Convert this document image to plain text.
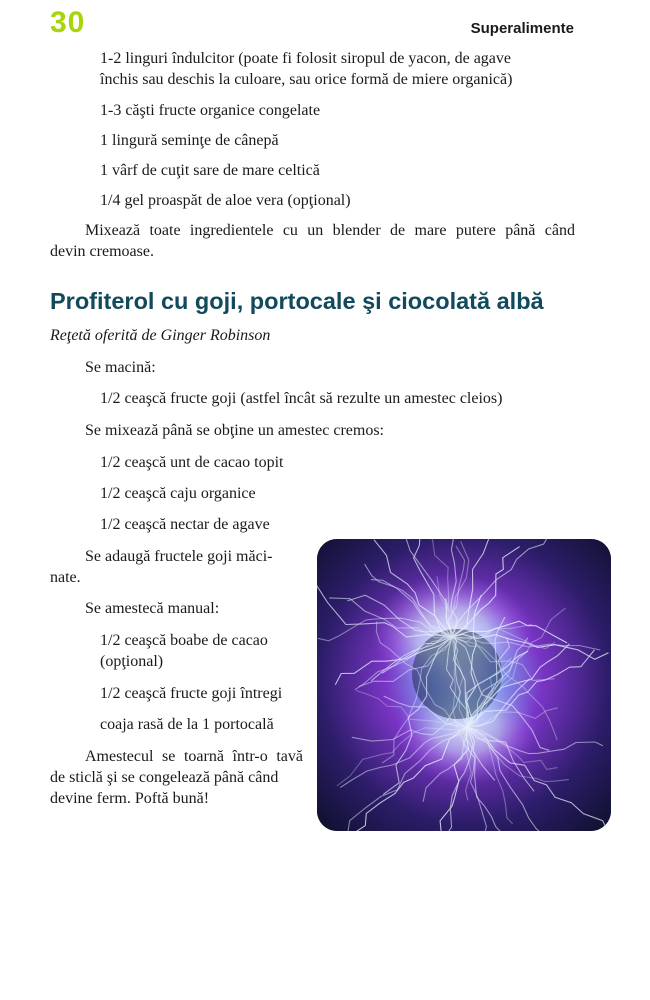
30	Superalimente
1-2 linguri îndulcitor (poate fi folosit siropul de yacon, de agave
închis sau deschis la culoare, sau orice formă de miere organică)
1-3 căşti fructe organice congelate
1 lingură seminţe de cânepă
1 vârf de cuţit sare de mare celtică
1/4 gel proaspăt de aloe vera (opţional)
Mixează toate ingredientele cu un blender de mare putere până când
devin cremoase.
Profiterol cu goji, portocale şi ciocolată albă
Reţetă oferită de Ginger Robinson
Se macină:
1/2 ceaşcă fructe goji (astfel încât să rezulte un amestec cleios)
Se mixează până se obţine un amestec cremos:
1/2 ceaşcă unt de cacao topit
1/2 ceaşcă caju organice
1/2 ceaşcă nectar de agave
Se adaugă fructele goji măci-
nate.
Se amestecă manual:
1/2 ceaşcă boabe de cacao
(opţional)
1/2 ceaşcă fructe goji întregi
coaja rasă de la 1 portocală
Amestecul se toarnă într-o tavă
de sticlă şi se congelează până când
devine ferm. Poftă bună!
